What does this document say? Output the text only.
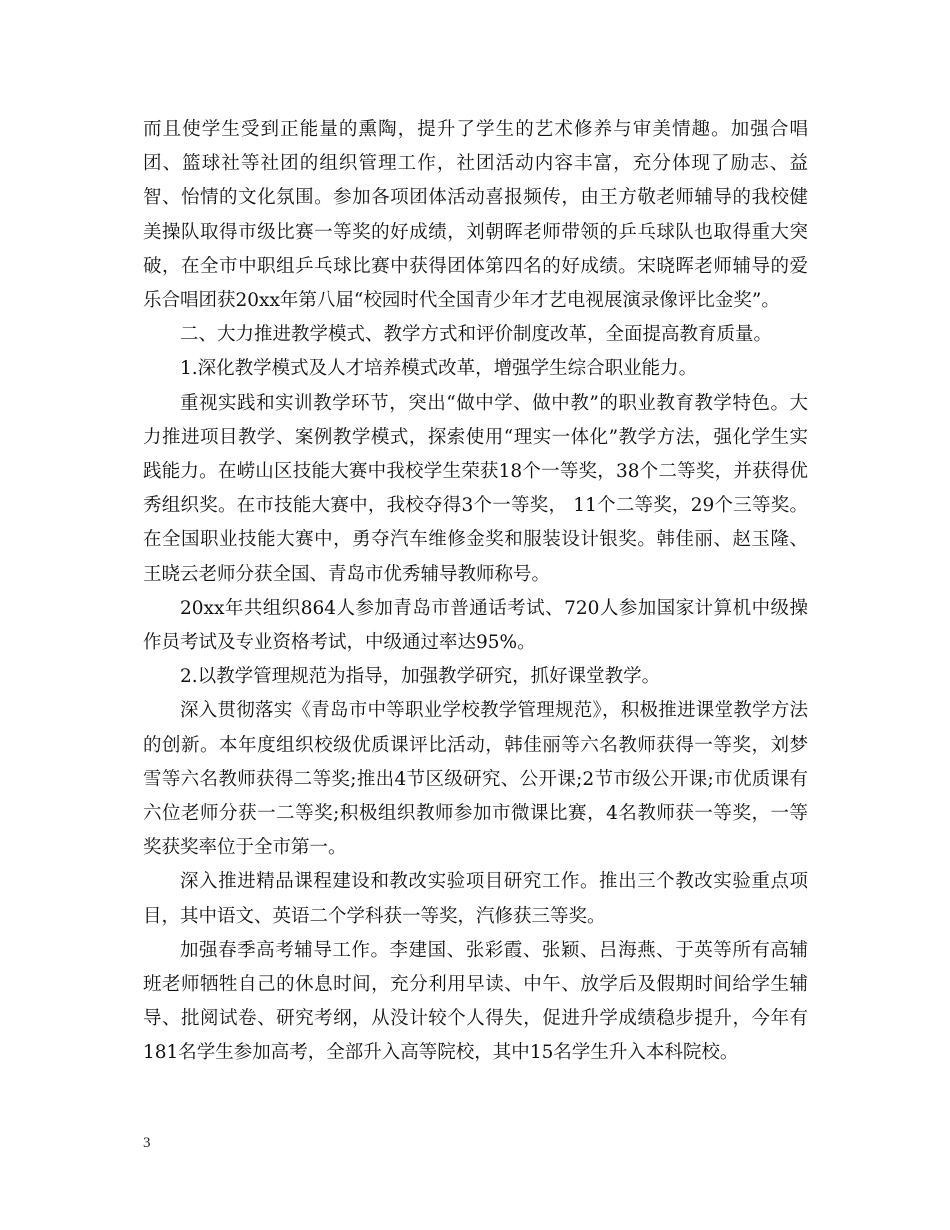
而且使学生受到正能量的熏陶，提升了学生的艺术修养与审美情趣。加强合唱团、篮球社等社团的组织管理工作，社团活动内容丰富，充分体现了励志、益智、怡情的文化氛围。参加各项团体活动喜报频传，由王方敬老师辅导的我校健美操队取得市级比赛一等奖的好成绩，刘朝晖老师带领的乒乓球队也取得重大突破，在全市中职组乒乓球比赛中获得团体第四名的好成绩。宋晓晖老师辅导的爱乐合唱团获20xx年第八届“校园时代全国青少年才艺电视展演录像评比金奖”。

二、大力推进教学模式、教学方式和评价制度改革，全面提高教育质量。

1.深化教学模式及人才培养模式改革，增强学生综合职业能力。

重视实践和实训教学环节，突出“做中学、做中教”的职业教育教学特色。大力推进项目教学、案例教学模式，探索使用“理实一体化”教学方法，强化学生实践能力。在崂山区技能大赛中我校学生荣获18个一等奖，38个二等奖，并获得优秀组织奖。在市技能大赛中，我校夺得3个一等奖， 11个二等奖，29个三等奖。在全国职业技能大赛中，勇夺汽车维修金奖和服装设计银奖。韩佳丽、赵玉隆、王晓云老师分获全国、青岛市优秀辅导教师称号。

20xx年共组织864人参加青岛市普通话考试、720人参加国家计算机中级操作员考试及专业资格考试，中级通过率达95%。

2.以教学管理规范为指导，加强教学研究，抓好课堂教学。

深入贯彻落实《青岛市中等职业学校教学管理规范》，积极推进课堂教学方法的创新。本年度组织校级优质课评比活动，韩佳丽等六名教师获得一等奖，刘梦雪等六名教师获得二等奖;推出4节区级研究、公开课;2节市级公开课;市优质课有六位老师分获一二等奖;积极组织教师参加市微课比赛，4名教师获一等奖，一等奖获奖率位于全市第一。

深入推进精品课程建设和教改实验项目研究工作。推出三个教改实验重点项目，其中语文、英语二个学科获一等奖，汽修获三等奖。

加强春季高考辅导工作。李建国、张彩霞、张颖、吕海燕、于英等所有高辅班老师牺牲自己的休息时间，充分利用早读、中午、放学后及假期时间给学生辅导、批阅试卷、研究考纲，从没计较个人得失，促进升学成绩稳步提升，今年有181名学生参加高考，全部升入高等院校，其中15名学生升入本科院校。

3
